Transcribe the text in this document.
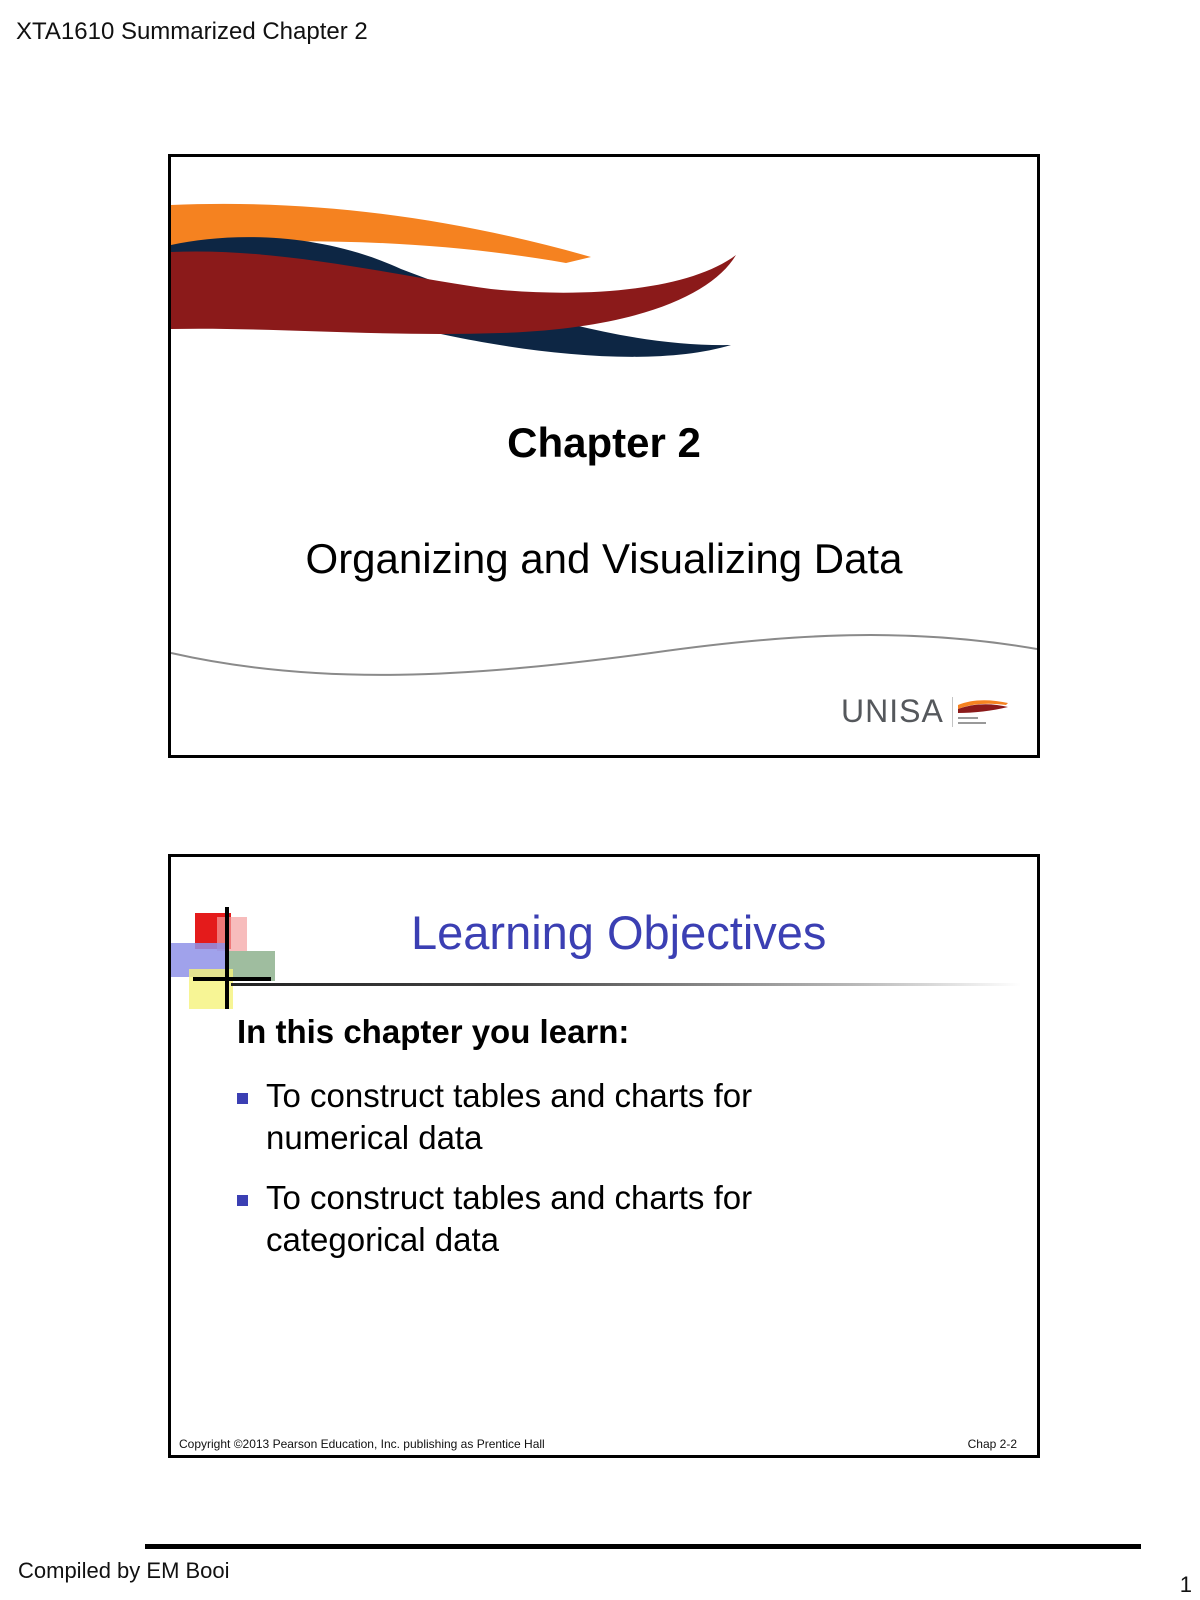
XTA1610 Summarized Chapter 2
Chapter 2
Organizing and Visualizing Data
UNISA
Learning Objectives
In this chapter you learn:
To construct tables and charts for
numerical data
To construct tables and charts for
categorical data
Copyright ©2013 Pearson Education, Inc. publishing as Prentice Hall	Chap 2-2
Compiled by EM Booi
1
